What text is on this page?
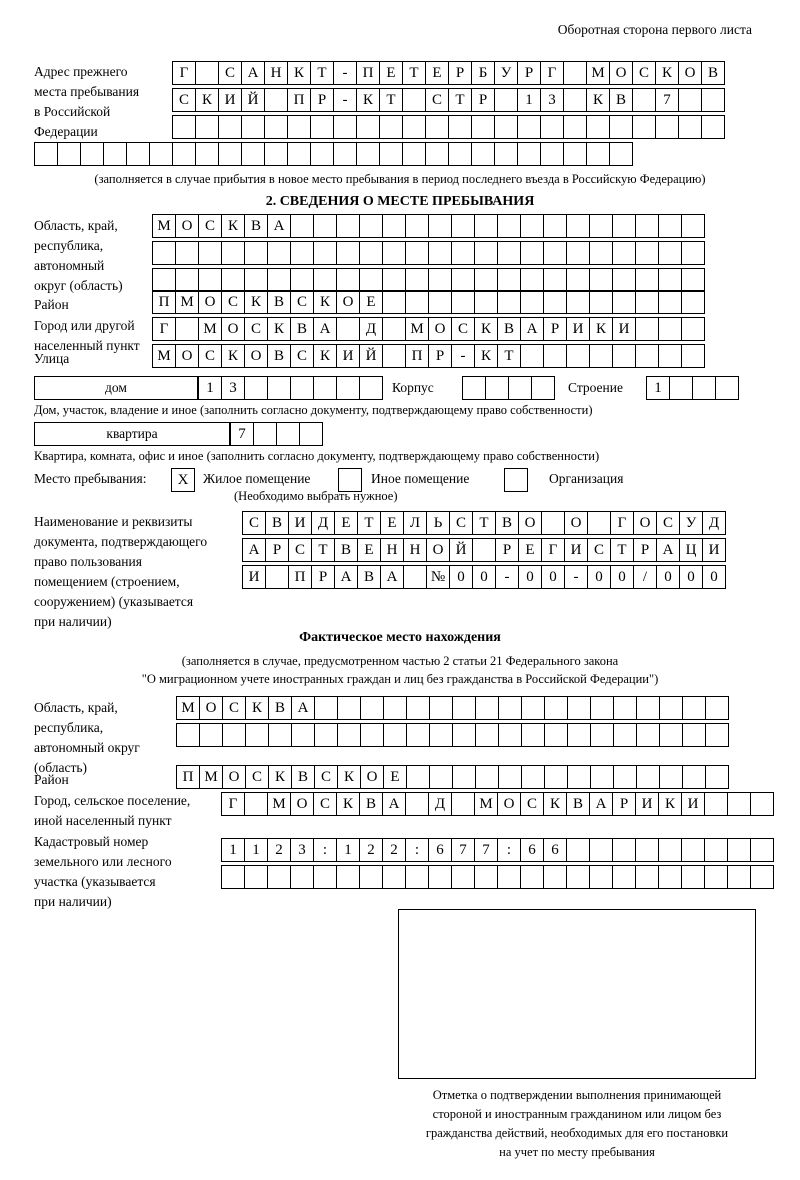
Оборотная сторона первого листа
Адрес прежнего
места пребывания
в Российской
Федерации
Г	С А Н К Т	-	П Е Т Е Р Б У Р Г	М О С К О В
С К И Й	П Р	-	К Т	С Т Р	1	3	К В	7
(заполняется в случае прибытия в новое место пребывания в период последнего въезда в Российскую Федерацию)
2. СВЕДЕНИЯ О МЕСТЕ ПРЕБЫВАНИЯ
Область, край,
республика,
автономный
округ (область)
М О С К В А
Район	П М О С К В С К О Е
Город или другой
населенный пункт
Г	М О С К В А	Д	М О С К В А Р И К И
Улица	М О С К О В С К И Й	П Р	-	К Т
дом	1	3	Корпус	Строение	1
Дом, участок, владение и иное (заполнить согласно документу, подтверждающему право собственности)
квартира	7
Квартира, комната, офис и иное (заполнить согласно документу, подтверждающему право собственности)
Место пребывания:	X	Жилое помещение	Иное помещение	Организация
(Необходимо выбрать нужное)
Наименование и реквизиты
документа, подтверждающего
право пользования
помещением (строением,
сооружением) (указывается
при наличии)
С В И Д Е Т Е Л Ь С Т В О	О	Г О С У Д
А Р С Т В Е Н Н О Й	Р Е Г И С Т Р А Ц И
И	П Р А В А	№ 0	0	-	0	0	-	0	0	/	0	0	0
Фактическое место нахождения
(заполняется в случае, предусмотренном частью 2 статьи 21 Федерального закона
"О миграционном учете иностранных граждан и лиц без гражданства в Российской Федерации")
Область, край,
республика,
автономный округ
(область)
М О С К В А
Район	П М О С К В С К О Е
Город, сельское поселение,
иной населенный пункт
Г	М О С К В А	Д	М О С К В А Р И К И
Кадастровый номер
земельного или лесного
участка (указывается
при наличии)
1	1	2	3	:	1	2	2	:	6	7	7	:	6	6
Отметка о подтверждении выполнения принимающей
стороной и иностранным гражданином или лицом без
гражданства действий, необходимых для его постановки
на учет по месту пребывания
